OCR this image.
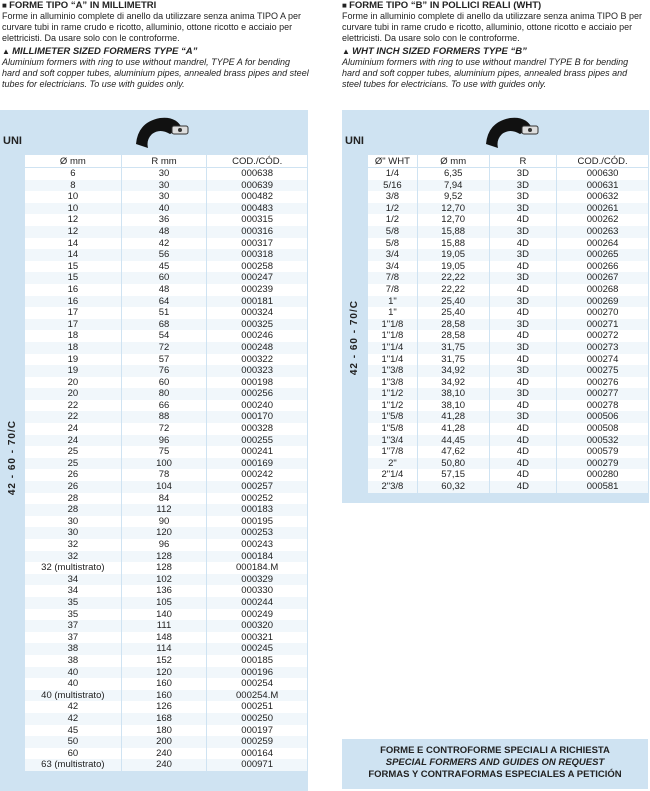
■ FORME TIPO “A” IN MILLIMETRI
Forme in alluminio complete di anello da utilizzare senza anima TIPO A per curvare tubi in rame crudo e ricotto, alluminio, ottone ricotto e acciaio per elettricisti. Da usare solo con le controforme.
▲ MILLIMETER SIZED FORMERS TYPE “A”
Aluminium formers with ring to use without mandrel, TYPE A for bending hard and soft copper tubes, aluminium pipes, annealed brass pipes and steel tubes for electricians. To use with guides only.
■ FORME TIPO “B” IN POLLICI REALI (WHT)
Forme in alluminio complete di anello da utilizzare senza anima TIPO B per curvare tubi in rame crudo e ricotto, alluminio, ottone ricotto e acciaio per elettricisti. Da usare solo con le controforme.
▲ WHT INCH SIZED FORMERS TYPE “B”
Aluminium formers with ring to use without mandrel TYPE B for bending hard and soft copper tubes, aluminium pipes, annealed brass pipes and steel tubes for electricians. To use with guides only.
UNI
42 - 60 - 70/C
Ø mm	R mm	COD./CÓD.
6	30	000638
8	30	000639
10	30	000482
10	40	000483
12	36	000315
12	48	000316
14	42	000317
14	56	000318
15	45	000258
15	60	000247
16	48	000239
16	64	000181
17	51	000324
17	68	000325
18	54	000246
18	72	000248
19	57	000322
19	76	000323
20	60	000198
20	80	000256
22	66	000240
22	88	000170
24	72	000328
24	96	000255
25	75	000241
25	100	000169
26	78	000242
26	104	000257
28	84	000252
28	112	000183
30	90	000195
30	120	000253
32	96	000243
32	128	000184
32 (multistrato)	128	000184.M
34	102	000329
34	136	000330
35	105	000244
35	140	000249
37	111	000320
37	148	000321
38	114	000245
38	152	000185
40	120	000196
40	160	000254
40 (multistrato)	160	000254.M
42	126	000251
42	168	000250
45	180	000197
50	200	000259
60	240	000164
63 (multistrato)	240	000971
UNI
42 - 60 - 70/C
Ø" WHT	Ø mm	R	COD./CÓD.
1/4	6,35	3D	000630
5/16	7,94	3D	000631
3/8	9,52	3D	000632
1/2	12,70	3D	000261
1/2	12,70	4D	000262
5/8	15,88	3D	000263
5/8	15,88	4D	000264
3/4	19,05	3D	000265
3/4	19,05	4D	000266
7/8	22,22	3D	000267
7/8	22,22	4D	000268
1"	25,40	3D	000269
1"	25,40	4D	000270
1"1/8	28,58	3D	000271
1"1/8	28,58	4D	000272
1"1/4	31,75	3D	000273
1"1/4	31,75	4D	000274
1"3/8	34,92	3D	000275
1"3/8	34,92	4D	000276
1"1/2	38,10	3D	000277
1"1/2	38,10	4D	000278
1"5/8	41,28	3D	000506
1"5/8	41,28	4D	000508
1"3/4	44,45	4D	000532
1"7/8	47,62	4D	000579
2"	50,80	4D	000279
2"1/4	57,15	4D	000280
2"3/8	60,32	4D	000581
FORME E CONTROFORME SPECIALI A RICHIESTA
SPECIAL FORMERS AND GUIDES ON REQUEST
FORMAS Y CONTRAFORMAS ESPECIALES A PETICIÓN
